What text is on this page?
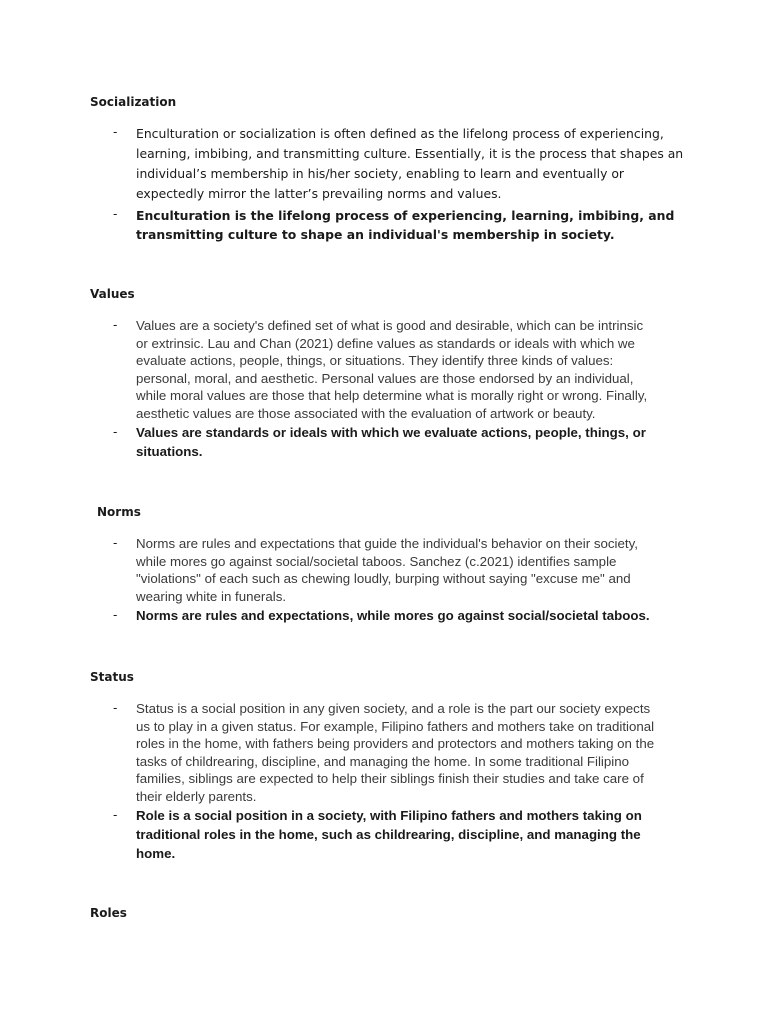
Socialization
- Enculturation or socialization is often defined as the lifelong process of experiencing,
learning, imbibing, and transmitting culture. Essentially, it is the process that shapes an
individual’s membership in his/her society, enabling to learn and eventually or
expectedly mirror the latter’s prevailing norms and values.
- Enculturation is the lifelong process of experiencing, learning, imbibing, and
transmitting culture to shape an individual's membership in society.
Values
- Values are a society's defined set of what is good and desirable, which can be intrinsic
or extrinsic. Lau and Chan (2021) define values as standards or ideals with which we
evaluate actions, people, things, or situations. They identify three kinds of values:
personal, moral, and aesthetic. Personal values are those endorsed by an individual,
while moral values are those that help determine what is morally right or wrong. Finally,
aesthetic values are those associated with the evaluation of artwork or beauty.
- Values are standards or ideals with which we evaluate actions, people, things, or
situations.
Norms
- Norms are rules and expectations that guide the individual's behavior on their society,
while mores go against social/societal taboos. Sanchez (c.2021) identifies sample
"violations" of each such as chewing loudly, burping without saying "excuse me" and
wearing white in funerals.
- Norms are rules and expectations, while mores go against social/societal taboos.
Status
- Status is a social position in any given society, and a role is the part our society expects
us to play in a given status. For example, Filipino fathers and mothers take on traditional
roles in the home, with fathers being providers and protectors and mothers taking on the
tasks of childrearing, discipline, and managing the home. In some traditional Filipino
families, siblings are expected to help their siblings finish their studies and take care of
their elderly parents.
- Role is a social position in a society, with Filipino fathers and mothers taking on
traditional roles in the home, such as childrearing, discipline, and managing the
home.
Roles
